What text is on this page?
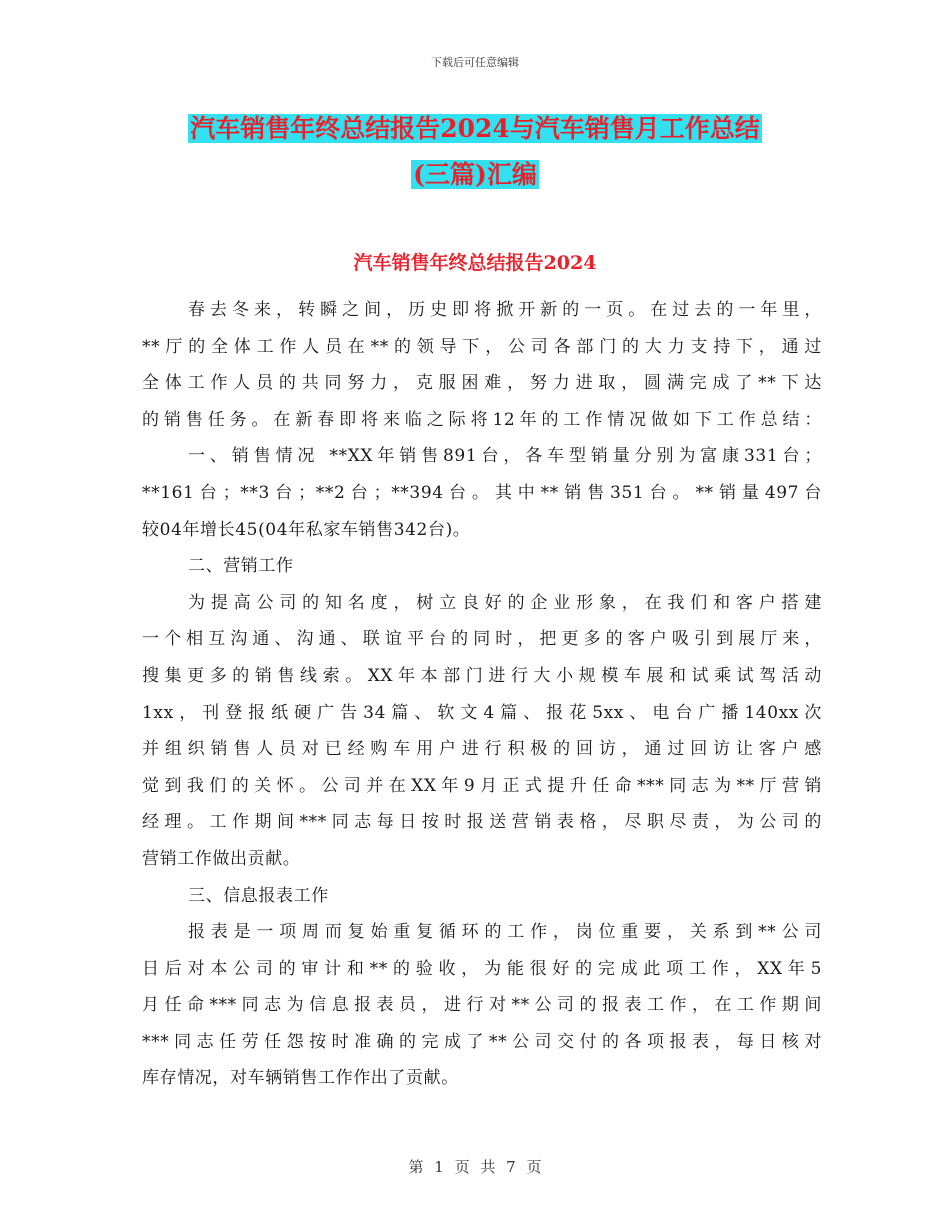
下载后可任意编辑
汽车销售年终总结报告2024与汽车销售月工作总结
(三篇)汇编
汽车销售年终总结报告2024
春去冬来，转瞬之间，历史即将掀开新的一页。在过去的一年里，
**厅的全体工作人员在**的领导下，公司各部门的大力支持下，通过
全体工作人员的共同努力，克服困难，努力进取，圆满完成了**下达
的销售任务。在新春即将来临之际将12年的工作情况做如下工作总结：
一、销售情况 **XX年销售891台，各车型销量分别为富康331台；
**161台；**3台；**2台；**394台。其中**销售351台。**销量497台
较04年增长45(04年私家车销售342台)。
二、营销工作
为提高公司的知名度，树立良好的企业形象，在我们和客户搭建
一个相互沟通、沟通、联谊平台的同时，把更多的客户吸引到展厅来，
搜集更多的销售线索。XX年本部门进行大小规模车展和试乘试驾活动
1xx，刊登报纸硬广告34篇、软文4篇、报花5xx、电台广播140xx次
并组织销售人员对已经购车用户进行积极的回访，通过回访让客户感
觉到我们的关怀。公司并在XX年9月正式提升任命***同志为**厅营销
经理。工作期间***同志每日按时报送营销表格，尽职尽责，为公司的
营销工作做出贡献。
三、信息报表工作
报表是一项周而复始重复循环的工作，岗位重要，关系到**公司
日后对本公司的审计和**的验收，为能很好的完成此项工作，XX年5
月任命***同志为信息报表员，进行对**公司的报表工作，在工作期间
***同志任劳任怨按时准确的完成了**公司交付的各项报表，每日核对
库存情况，对车辆销售工作作出了贡献。
第 1 页 共 7 页
